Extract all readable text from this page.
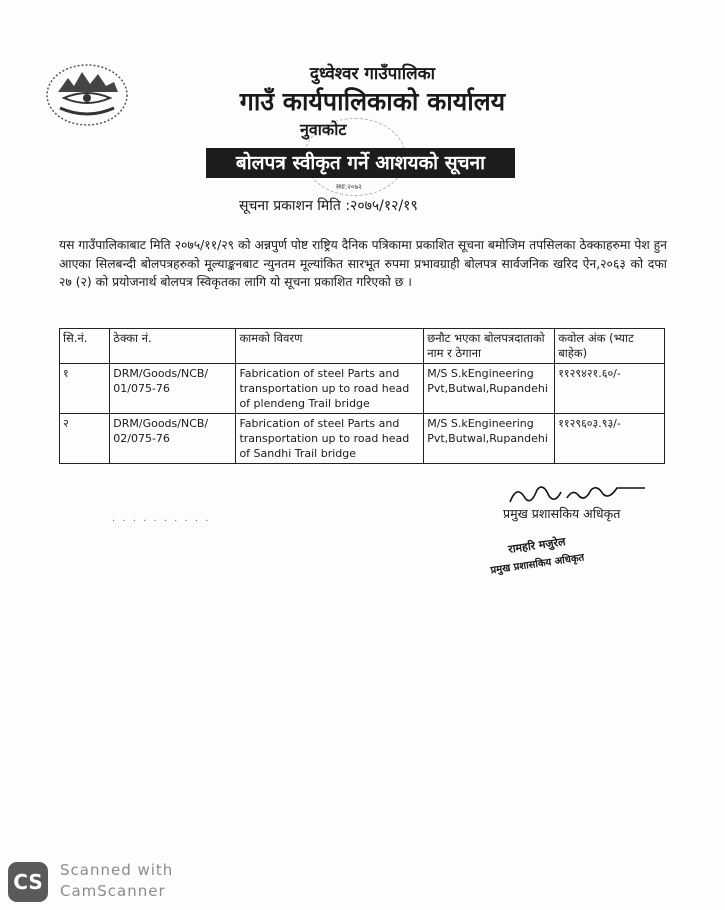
दुध्वेश्वर गाउँपालिका
गाउँ कार्यपालिकाको कार्यालय
नुवाकोट
बोलपत्र स्वीकृत गर्ने आशयको सूचना
स्था:२०७२
सूचना प्रकाशन मिति :२०७५/१२/१९
यस गाउँपालिकाबाट मिति २०७५/११/२९ को अन्नपुर्ण पोष्ट राष्ट्रिय दैनिक पत्रिकामा प्रकाशित सूचना बमोजिम तपसिलका ठेक्काहरुमा पेश हुन आएका सिलबन्दी बोलपत्रहरुको मूल्याङ्कनबाट न्युनतम मूल्यांकित सारभूत रुपमा प्रभावग्राही बोलपत्र सार्वजनिक खरिद ऐन,२०६३ को दफा २७ (२) को प्रयोजनार्थ बोलपत्र स्विकृतका लागि यो सूचना प्रकाशित गरिएको छ ।
सि.नं.	ठेक्का नं.	कामको विवरण	छनौट भएका बोलपत्रदाताको नाम र ठेगाना	कवोल अंक (भ्याट बाहेक)
१	DRM/Goods/NCB/ 01/075-76	Fabrication of steel Parts and transportation up to road head of plendeng Trail bridge	M/S S.kEngineering Pvt,Butwal,Rupandehi	११२९४२१.६०/-
२	DRM/Goods/NCB/ 02/075-76	Fabrication of steel Parts and transportation up to road head of Sandhi Trail bridge	M/S S.kEngineering Pvt,Butwal,Rupandehi	११२९६०३.९३/-
प्रमुख प्रशासकिय अधिकृत
· · · · · · · · · ·
रामहरि मजुरेल
प्रमुख प्रशासकिय अधिकृत
CS	Scanned with
CamScanner
